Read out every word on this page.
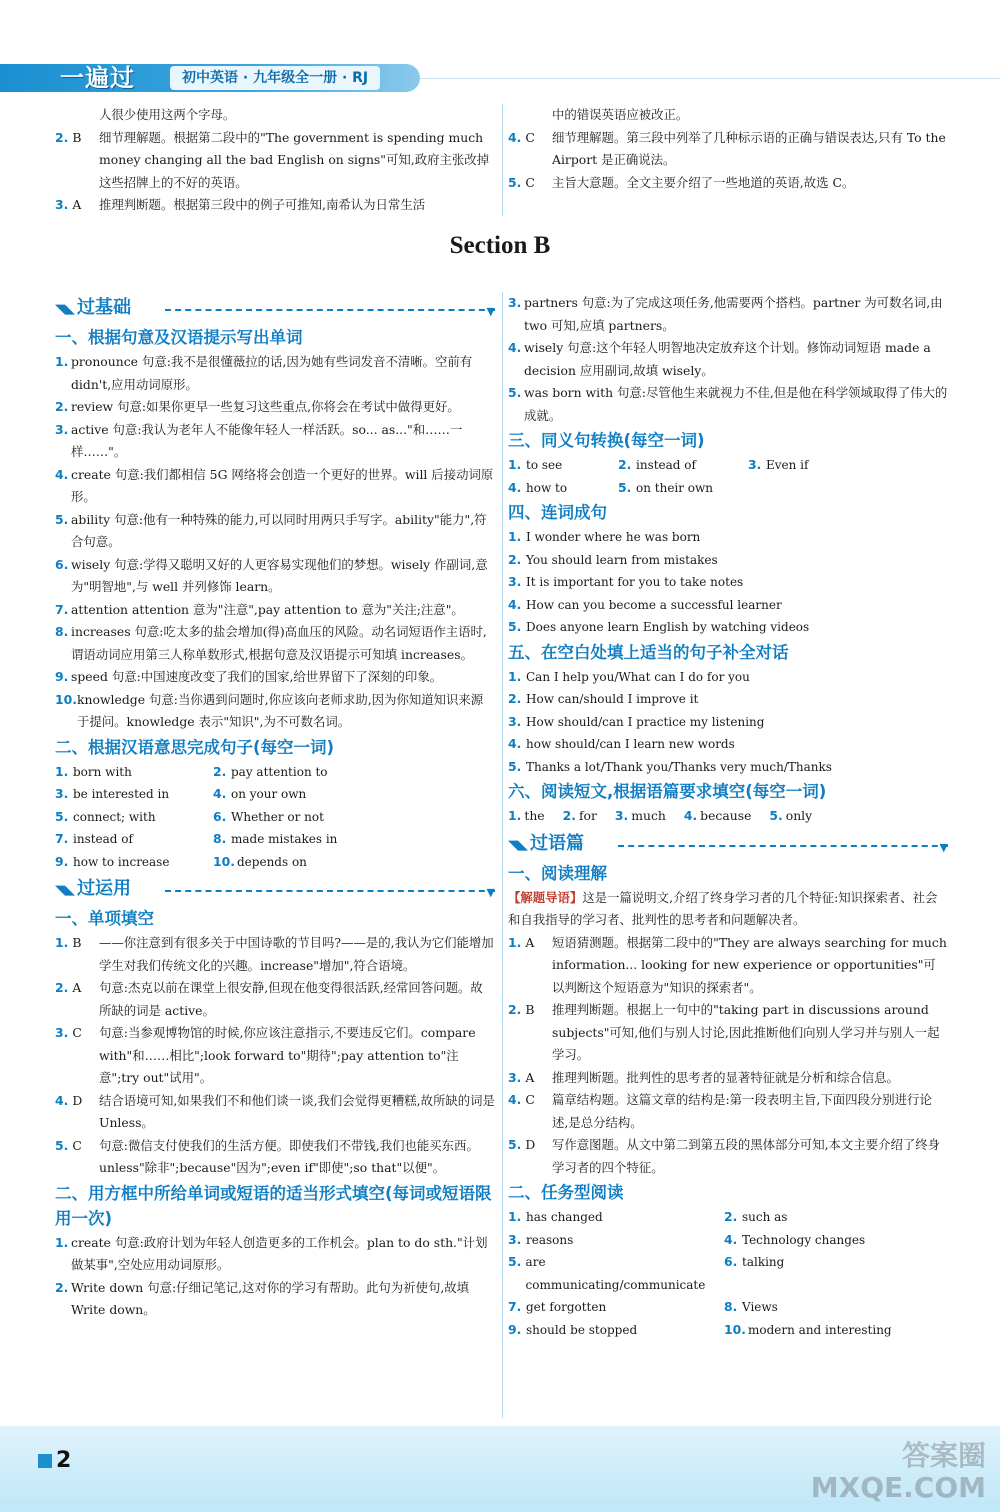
一遍过	初中英语 · 九年级全一册 · RJ
人很少使用这两个字母。
2. B 细节理解题。根据第二段中的"The government is spending much money changing all the bad English on signs"可知,政府主张改掉这些招牌上的不好的英语。
3. A 推理判断题。根据第三段中的例子可推知,南希认为日常生活
中的错误英语应被改正。
4. C 细节理解题。第三段中列举了几种标示语的正确与错误表达,只有 To the Airport 是正确说法。
5. C 主旨大意题。全文主要介绍了一些地道的英语,故选 C。
Section B
◥◣ 过基础	▼
一、根据句意及汉语提示写出单词
1. pronounce 句意:我不是很懂薇拉的话,因为她有些词发音不清晰。空前有 didn't,应用动词原形。
2. review 句意:如果你更早一些复习这些重点,你将会在考试中做得更好。
3. active 句意:我认为老年人不能像年轻人一样活跃。so... as..."和……一样……"。
4. create 句意:我们都相信 5G 网络将会创造一个更好的世界。will 后接动词原形。
5. ability 句意:他有一种特殊的能力,可以同时用两只手写字。ability"能力",符合句意。
6. wisely 句意:学得又聪明又好的人更容易实现他们的梦想。wisely 作副词,意为"明智地",与 well 并列修饰 learn。
7. attention attention 意为"注意",pay attention to 意为"关注;注意"。
8. increases 句意:吃太多的盐会增加(得)高血压的风险。动名词短语作主语时,谓语动词应用第三人称单数形式,根据句意及汉语提示可知填 increases。
9. speed 句意:中国速度改变了我们的国家,给世界留下了深刻的印象。
10. knowledge 句意:当你遇到问题时,你应该向老师求助,因为你知道知识来源于提问。knowledge 表示"知识",为不可数名词。
二、根据汉语意思完成句子(每空一词)
1. born with	2. pay attention to
3. be interested in	4. on your own
5. connect; with	6. Whether or not
7. instead of	8. made mistakes in
9. how to increase	10. depends on
◥◣ 过运用	▼
一、单项填空
1. B ——你注意到有很多关于中国诗歌的节目吗?——是的,我认为它们能增加学生对我们传统文化的兴趣。increase"增加",符合语境。
2. A 句意:杰克以前在课堂上很安静,但现在他变得很活跃,经常回答问题。故所缺的词是 active。
3. C 句意:当参观博物馆的时候,你应该注意指示,不要违反它们。compare with"和……相比";look forward to"期待";pay attention to"注意";try out"试用"。
4. D 结合语境可知,如果我们不和他们谈一谈,我们会觉得更糟糕,故所缺的词是 Unless。
5. C 句意:微信支付使我们的生活方便。即使我们不带钱,我们也能买东西。unless"除非";because"因为";even if"即使";so that"以便"。
二、用方框中所给单词或短语的适当形式填空(每词或短语限用一次)
1. create 句意:政府计划为年轻人创造更多的工作机会。plan to do sth."计划做某事",空处应用动词原形。
2. Write down 句意:仔细记笔记,这对你的学习有帮助。此句为祈使句,故填 Write down。
3. partners 句意:为了完成这项任务,他需要两个搭档。partner 为可数名词,由 two 可知,应填 partners。
4. wisely 句意:这个年轻人明智地决定放弃这个计划。修饰动词短语 made a decision 应用副词,故填 wisely。
5. was born with 句意:尽管他生来就视力不佳,但是他在科学领域取得了伟大的成就。
三、同义句转换(每空一词)
1. to see	2. instead of	3. Even if
4. how to	5. on their own
四、连词成句
1. I wonder where he was born
2. You should learn from mistakes
3. It is important for you to take notes
4. How can you become a successful learner
5. Does anyone learn English by watching videos
五、在空白处填上适当的句子补全对话
1. Can I help you/What can I do for you
2. How can/should I improve it
3. How should/can I practice my listening
4. how should/can I learn new words
5. Thanks a lot/Thank you/Thanks very much/Thanks
六、阅读短文,根据语篇要求填空(每空一词)
1. the 2. for 3. much 4. because 5. only
◥◣ 过语篇	▼
一、阅读理解
【解题导语】这是一篇说明文,介绍了终身学习者的几个特征:知识探索者、社会和自我指导的学习者、批判性的思考者和问题解决者。
1. A 短语猜测题。根据第二段中的"They are always searching for much information... looking for new experience or opportunities"可以判断这个短语意为"知识的探索者"。
2. B 推理判断题。根据上一句中的"taking part in discussions around subjects"可知,他们与别人讨论,因此推断他们向别人学习并与别人一起学习。
3. A 推理判断题。批判性的思考者的显著特征就是分析和综合信息。
4. C 篇章结构题。这篇文章的结构是:第一段表明主旨,下面四段分别进行论述,是总分结构。
5. D 写作意图题。从文中第二到第五段的黑体部分可知,本文主要介绍了终身学习者的四个特征。
二、任务型阅读
1. has changed	2. such as
3. reasons	4. Technology changes
5. are communicating/communicate
6. talking
7. get forgotten	8. Views
9. should be stopped	10. modern and interesting
2	答案圈
MXQE.COM
